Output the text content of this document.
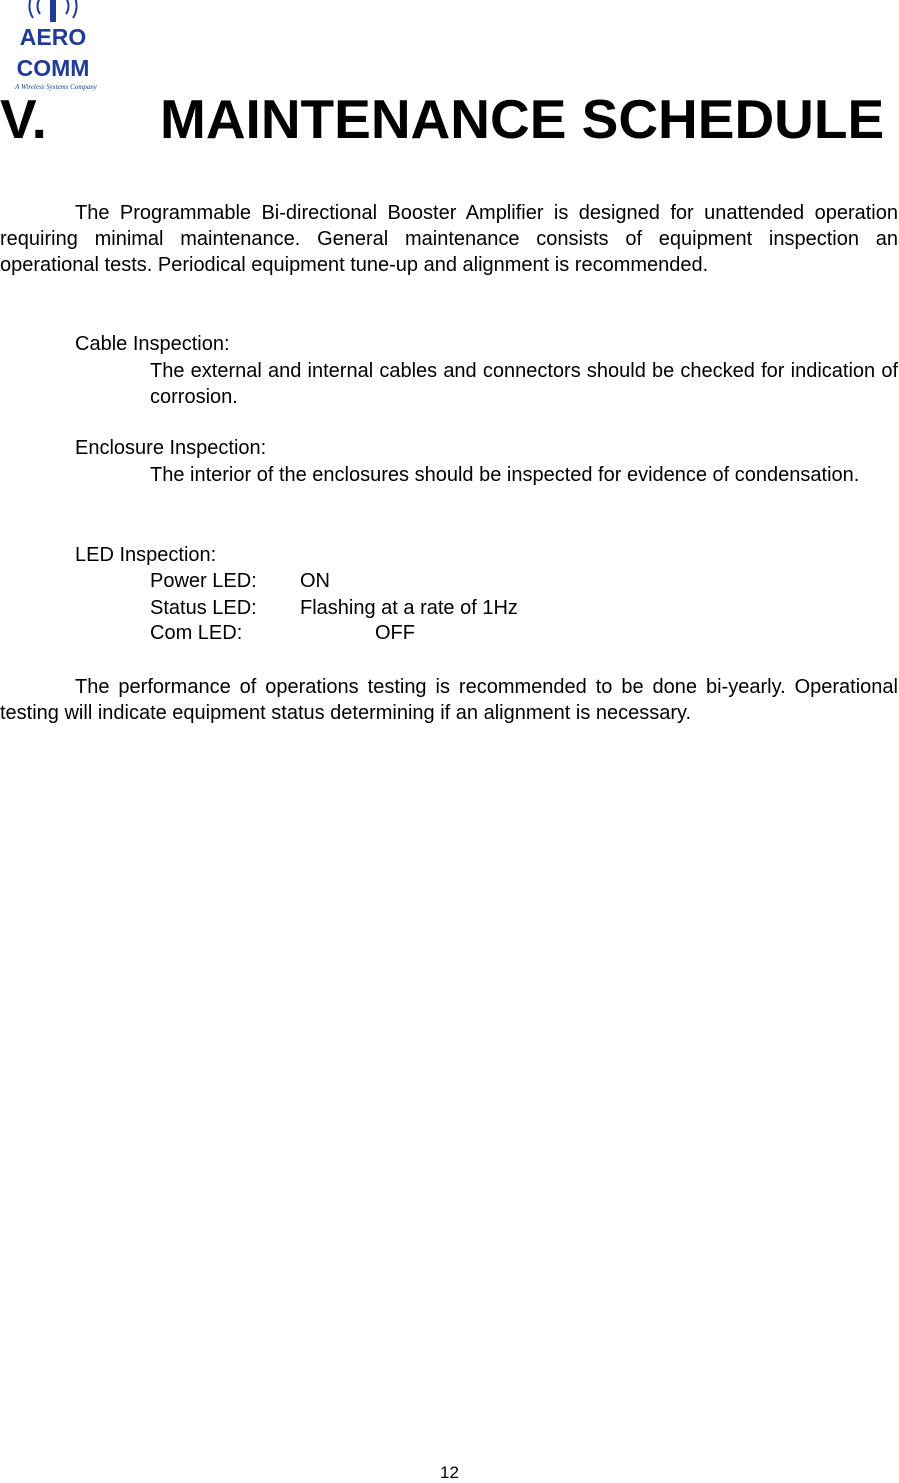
AERO
COMM
A Wireless Systems Company
V. MAINTENANCE SCHEDULE

The Programmable Bi-directional Booster Amplifier is designed for unattended operation requiring minimal maintenance. General maintenance consists of equipment inspection an operational tests. Periodical equipment tune-up and alignment is recommended.

Cable Inspection:

The external and internal cables and connectors should be checked for indication of corrosion.

Enclosure Inspection:

The interior of the enclosures should be inspected for evidence of condensation.

LED Inspection:

Power LED: ON
Status LED: Flashing at a rate of 1Hz
Com LED:	OFF

The performance of operations testing is recommended to be done bi-yearly. Operational testing will indicate equipment status determining if an alignment is necessary.

12
